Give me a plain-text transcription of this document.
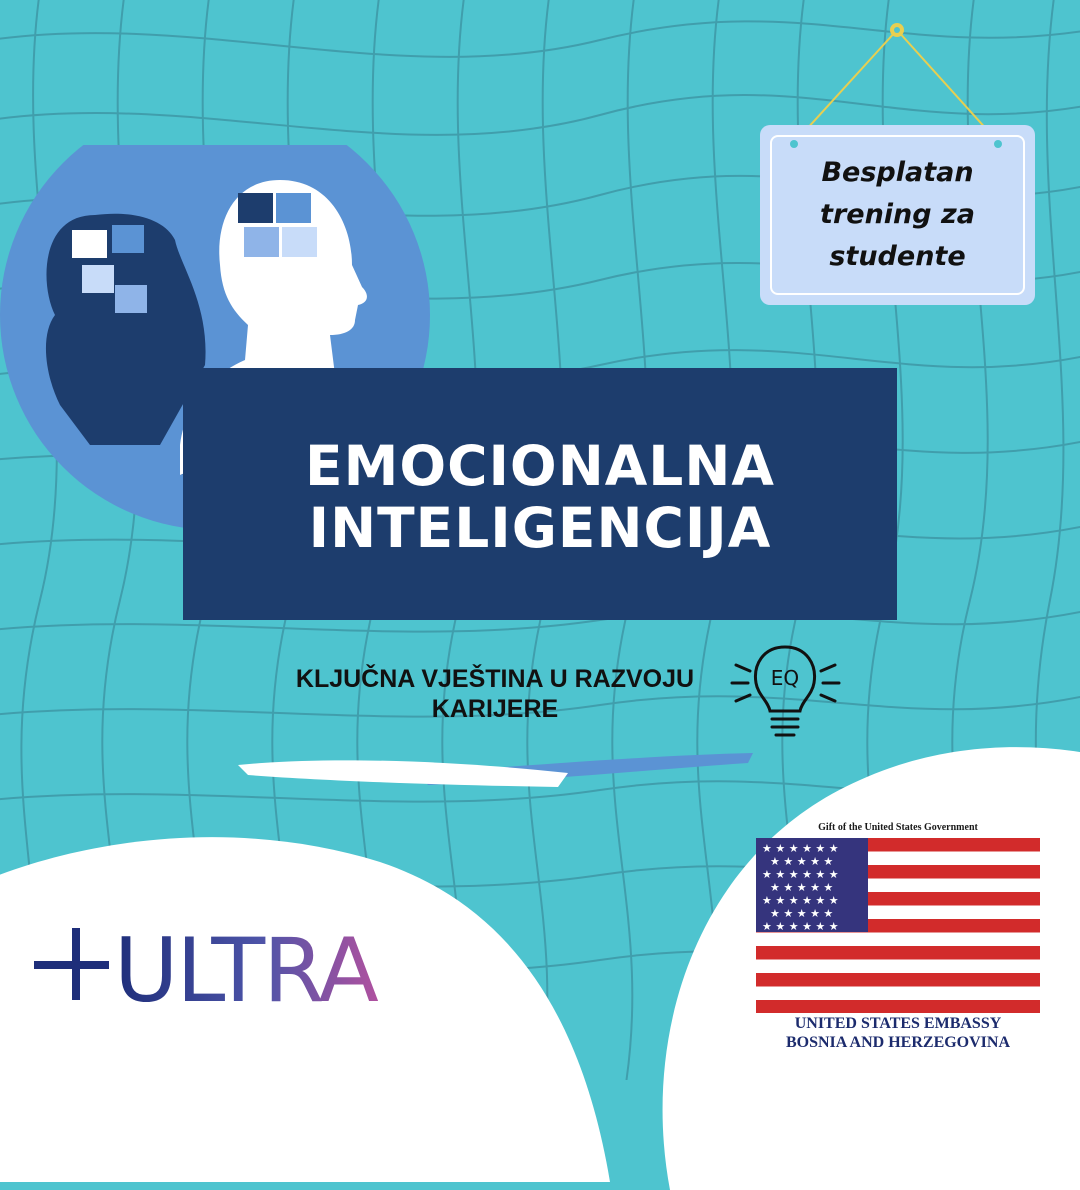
Besplatan
trening za
studente
EMOCIONALNA
INTELIGENCIJA
KLJUČNA VJEŠTINA U RAZVOJU
KARIJERE
EQ
ULTRA
Gift of the United States Government
★ ★ ★ ★ ★ ★
★ ★ ★ ★ ★
★ ★ ★ ★ ★ ★
★ ★ ★ ★ ★
★ ★ ★ ★ ★ ★
★ ★ ★ ★ ★
★ ★ ★ ★ ★ ★
UNITED STATES EMBASSY
BOSNIA AND HERZEGOVINA
